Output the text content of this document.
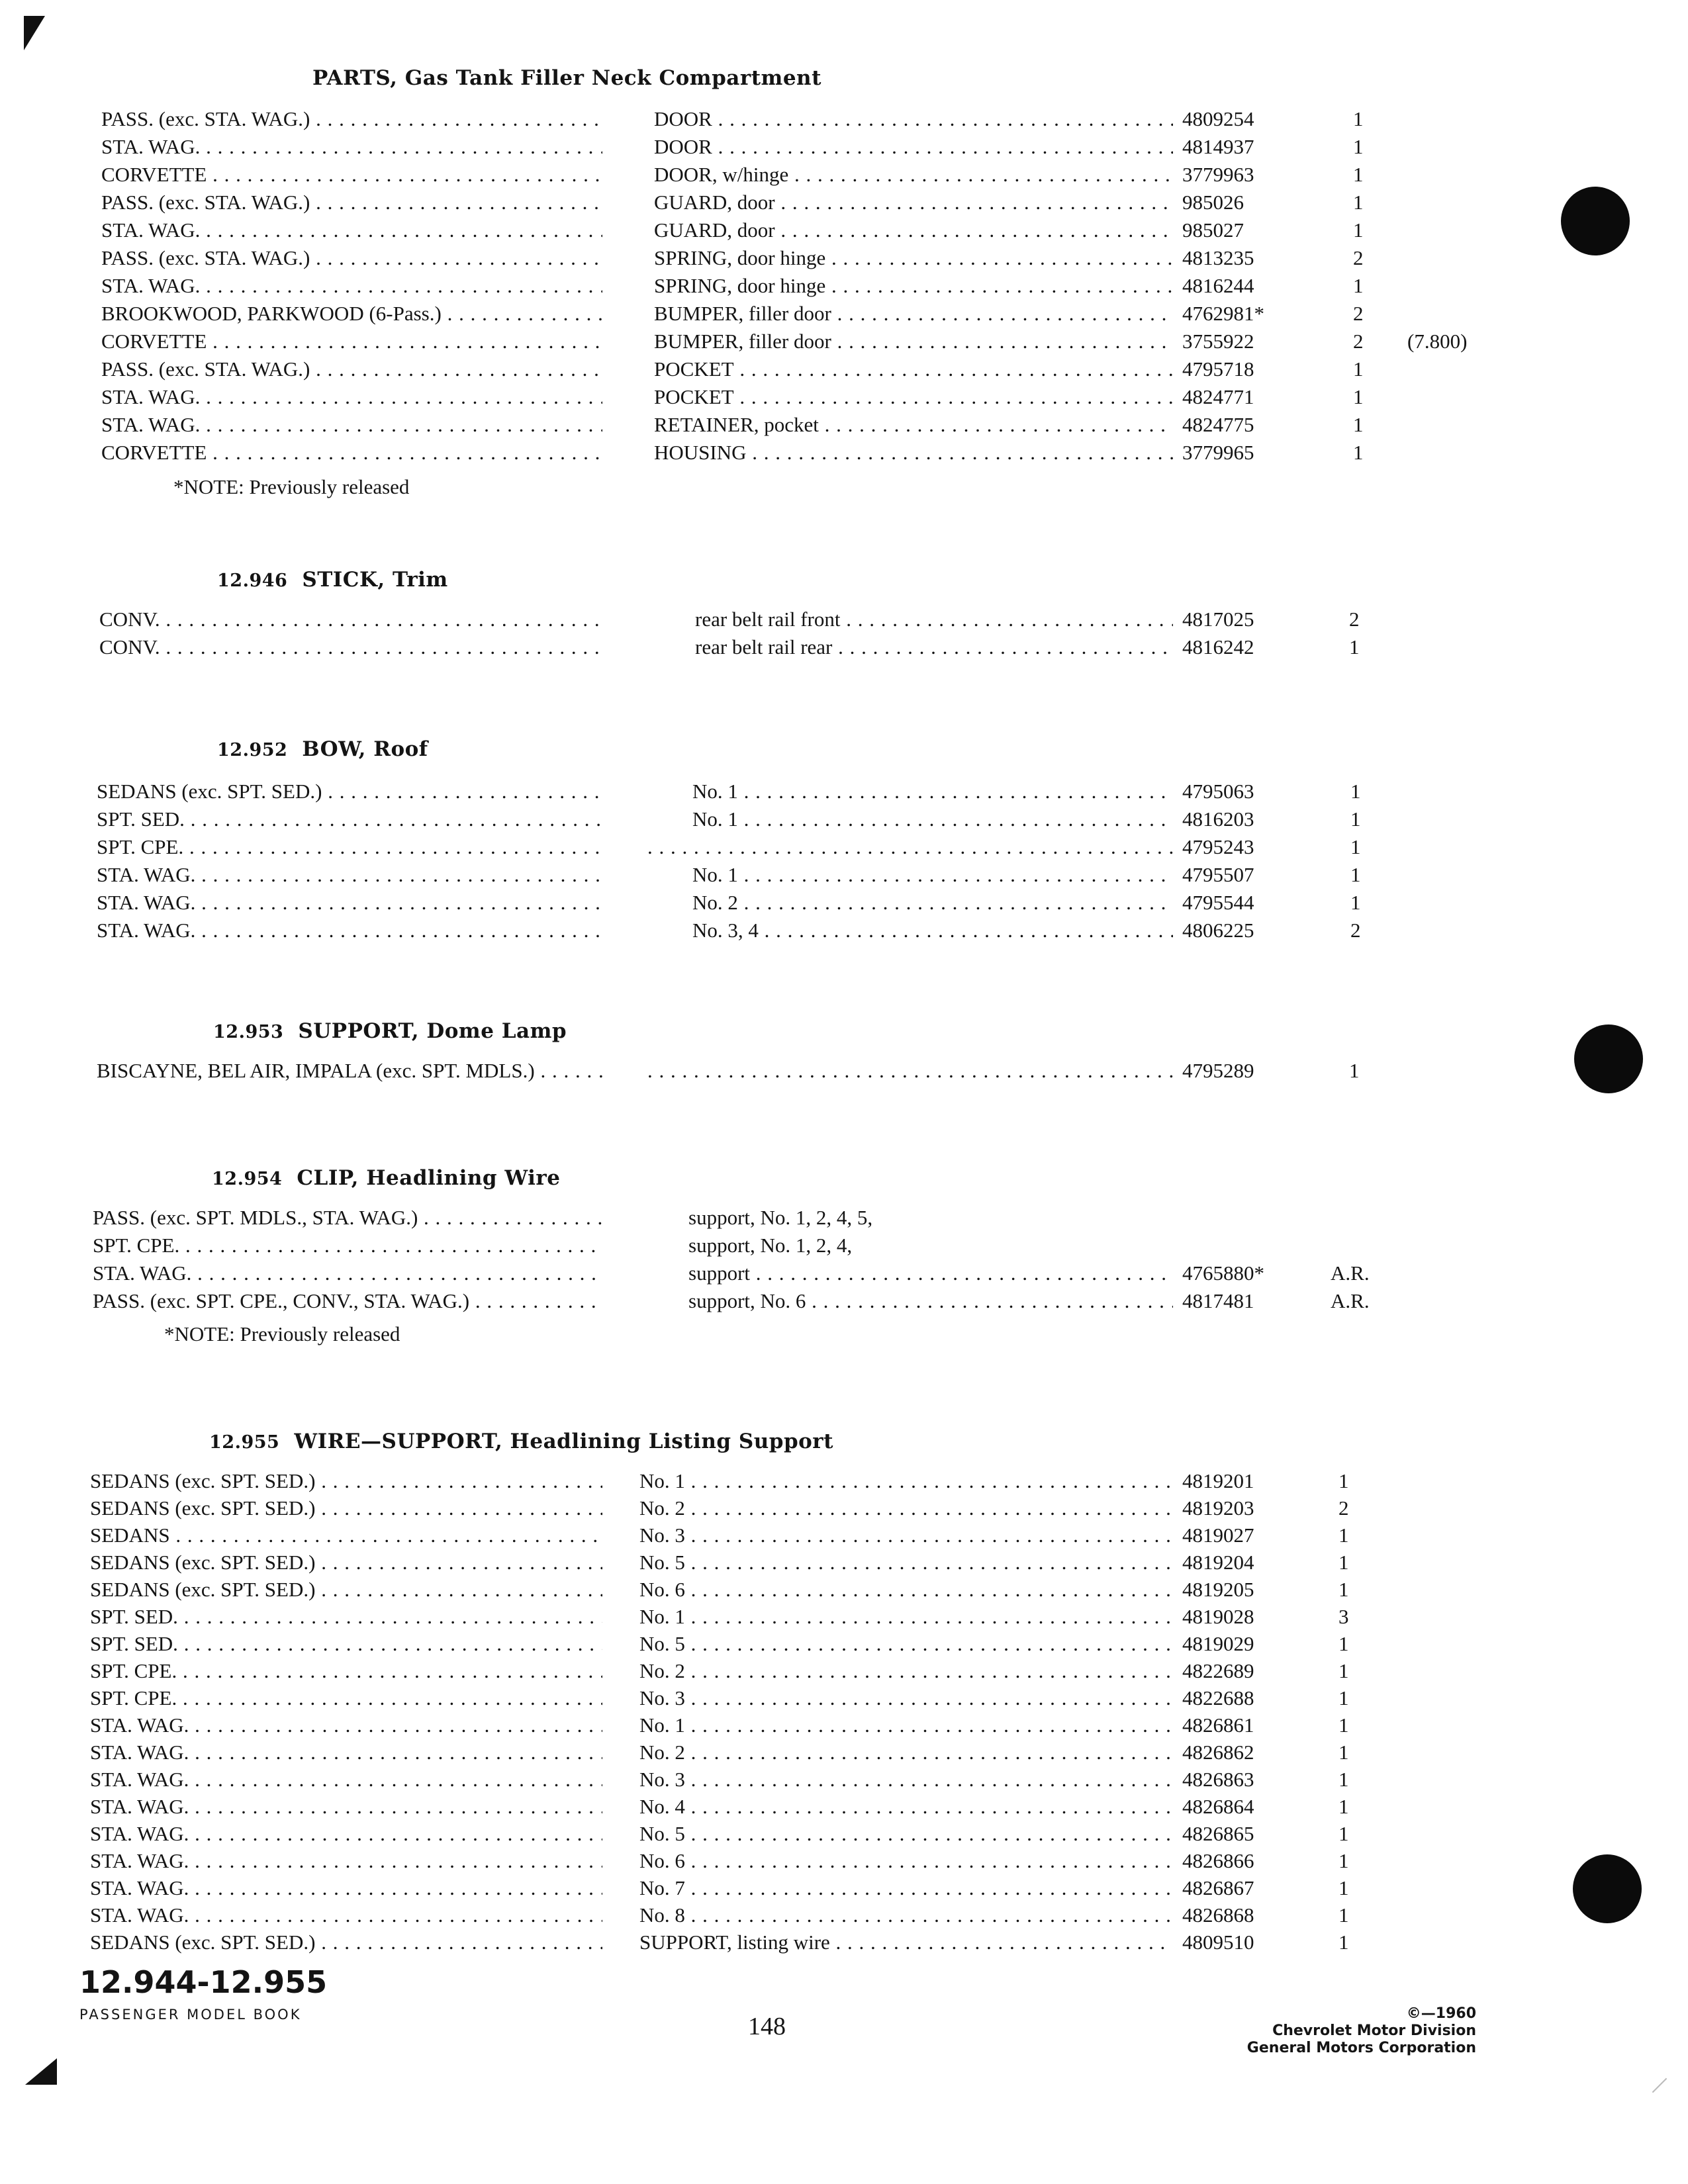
PARTS, Gas Tank Filler Neck Compartment
PASS. (exc. STA. WAG.) . . .	DOOR . . .	4809254	1
STA. WAG. . . .	DOOR . . .	4814937	1
CORVETTE . . .	DOOR, w/hinge . . .	3779963	1
PASS. (exc. STA. WAG.) . . .	GUARD, door . . .	985026	1
STA. WAG. . . .	GUARD, door . . .	985027	1
PASS. (exc. STA. WAG.) . . .	SPRING, door hinge . . .	4813235	2
STA. WAG. . . .	SPRING, door hinge . . .	4816244	1
BROOKWOOD, PARKWOOD (6-Pass.) . . .	BUMPER, filler door . . .	4762981*	2
CORVETTE . . .	BUMPER, filler door . . .	3755922	2	(7.800)
PASS. (exc. STA. WAG.) . . .	POCKET . . .	4795718	1
STA. WAG. . . .	POCKET . . .	4824771	1
STA. WAG. . . .	RETAINER, pocket . . .	4824775	1
CORVETTE . . .	HOUSING . . .	3779965	1
*NOTE: Previously released
12.946 STICK, Trim
CONV. . . .	rear belt rail front . . .	4817025	2
CONV. . . .	rear belt rail rear . . .	4816242	1
12.952 BOW, Roof
SEDANS (exc. SPT. SED.) . . .	No. 1 . . .	4795063	1
SPT. SED. . . .	No. 1 . . .	4816203	1
SPT. CPE. . . . . . .	4795243	1
STA. WAG. . . .	No. 1 . . .	4795507	1
STA. WAG. . . .	No. 2 . . .	4795544	1
STA. WAG. . . .	No. 3, 4 . . .	4806225	2
12.953 SUPPORT, Dome Lamp
BISCAYNE, BEL AIR, IMPALA (exc. SPT. MDLS.) . . . . . .	4795289	1
12.954 CLIP, Headlining Wire
PASS. (exc. SPT. MDLS., STA. WAG.) . . .	support, No. 1, 2, 4, 5,
SPT. CPE. . . .	support, No. 1, 2, 4,
STA. WAG. . . .	support . . .	4765880*	A.R.
PASS. (exc. SPT. CPE., CONV., STA. WAG.) . . .	support, No. 6 . . .	4817481	A.R.
*NOTE: Previously released
12.955 WIRE—SUPPORT, Headlining Listing Support
SEDANS (exc. SPT. SED.) . . .	No. 1 . . .	4819201	1
SEDANS (exc. SPT. SED.) . . .	No. 2 . . .	4819203	2
SEDANS . . .	No. 3 . . .	4819027	1
SEDANS (exc. SPT. SED.) . . .	No. 5 . . .	4819204	1
SEDANS (exc. SPT. SED.) . . .	No. 6 . . .	4819205	1
SPT. SED. . . .	No. 1 . . .	4819028	3
SPT. SED. . . .	No. 5 . . .	4819029	1
SPT. CPE. . . .	No. 2 . . .	4822689	1
SPT. CPE. . . .	No. 3 . . .	4822688	1
STA. WAG. . . .	No. 1 . . .	4826861	1
STA. WAG. . . .	No. 2 . . .	4826862	1
STA. WAG. . . .	No. 3 . . .	4826863	1
STA. WAG. . . .	No. 4 . . .	4826864	1
STA. WAG. . . .	No. 5 . . .	4826865	1
STA. WAG. . . .	No. 6 . . .	4826866	1
STA. WAG. . . .	No. 7 . . .	4826867	1
STA. WAG. . . .	No. 8 . . .	4826868	1
SEDANS (exc. SPT. SED.) . . .	SUPPORT, listing wire . . .	4809510	1
12.944-12.955
PASSENGER MODEL BOOK	148	©—1960
Chevrolet Motor Division
General Motors Corporation
